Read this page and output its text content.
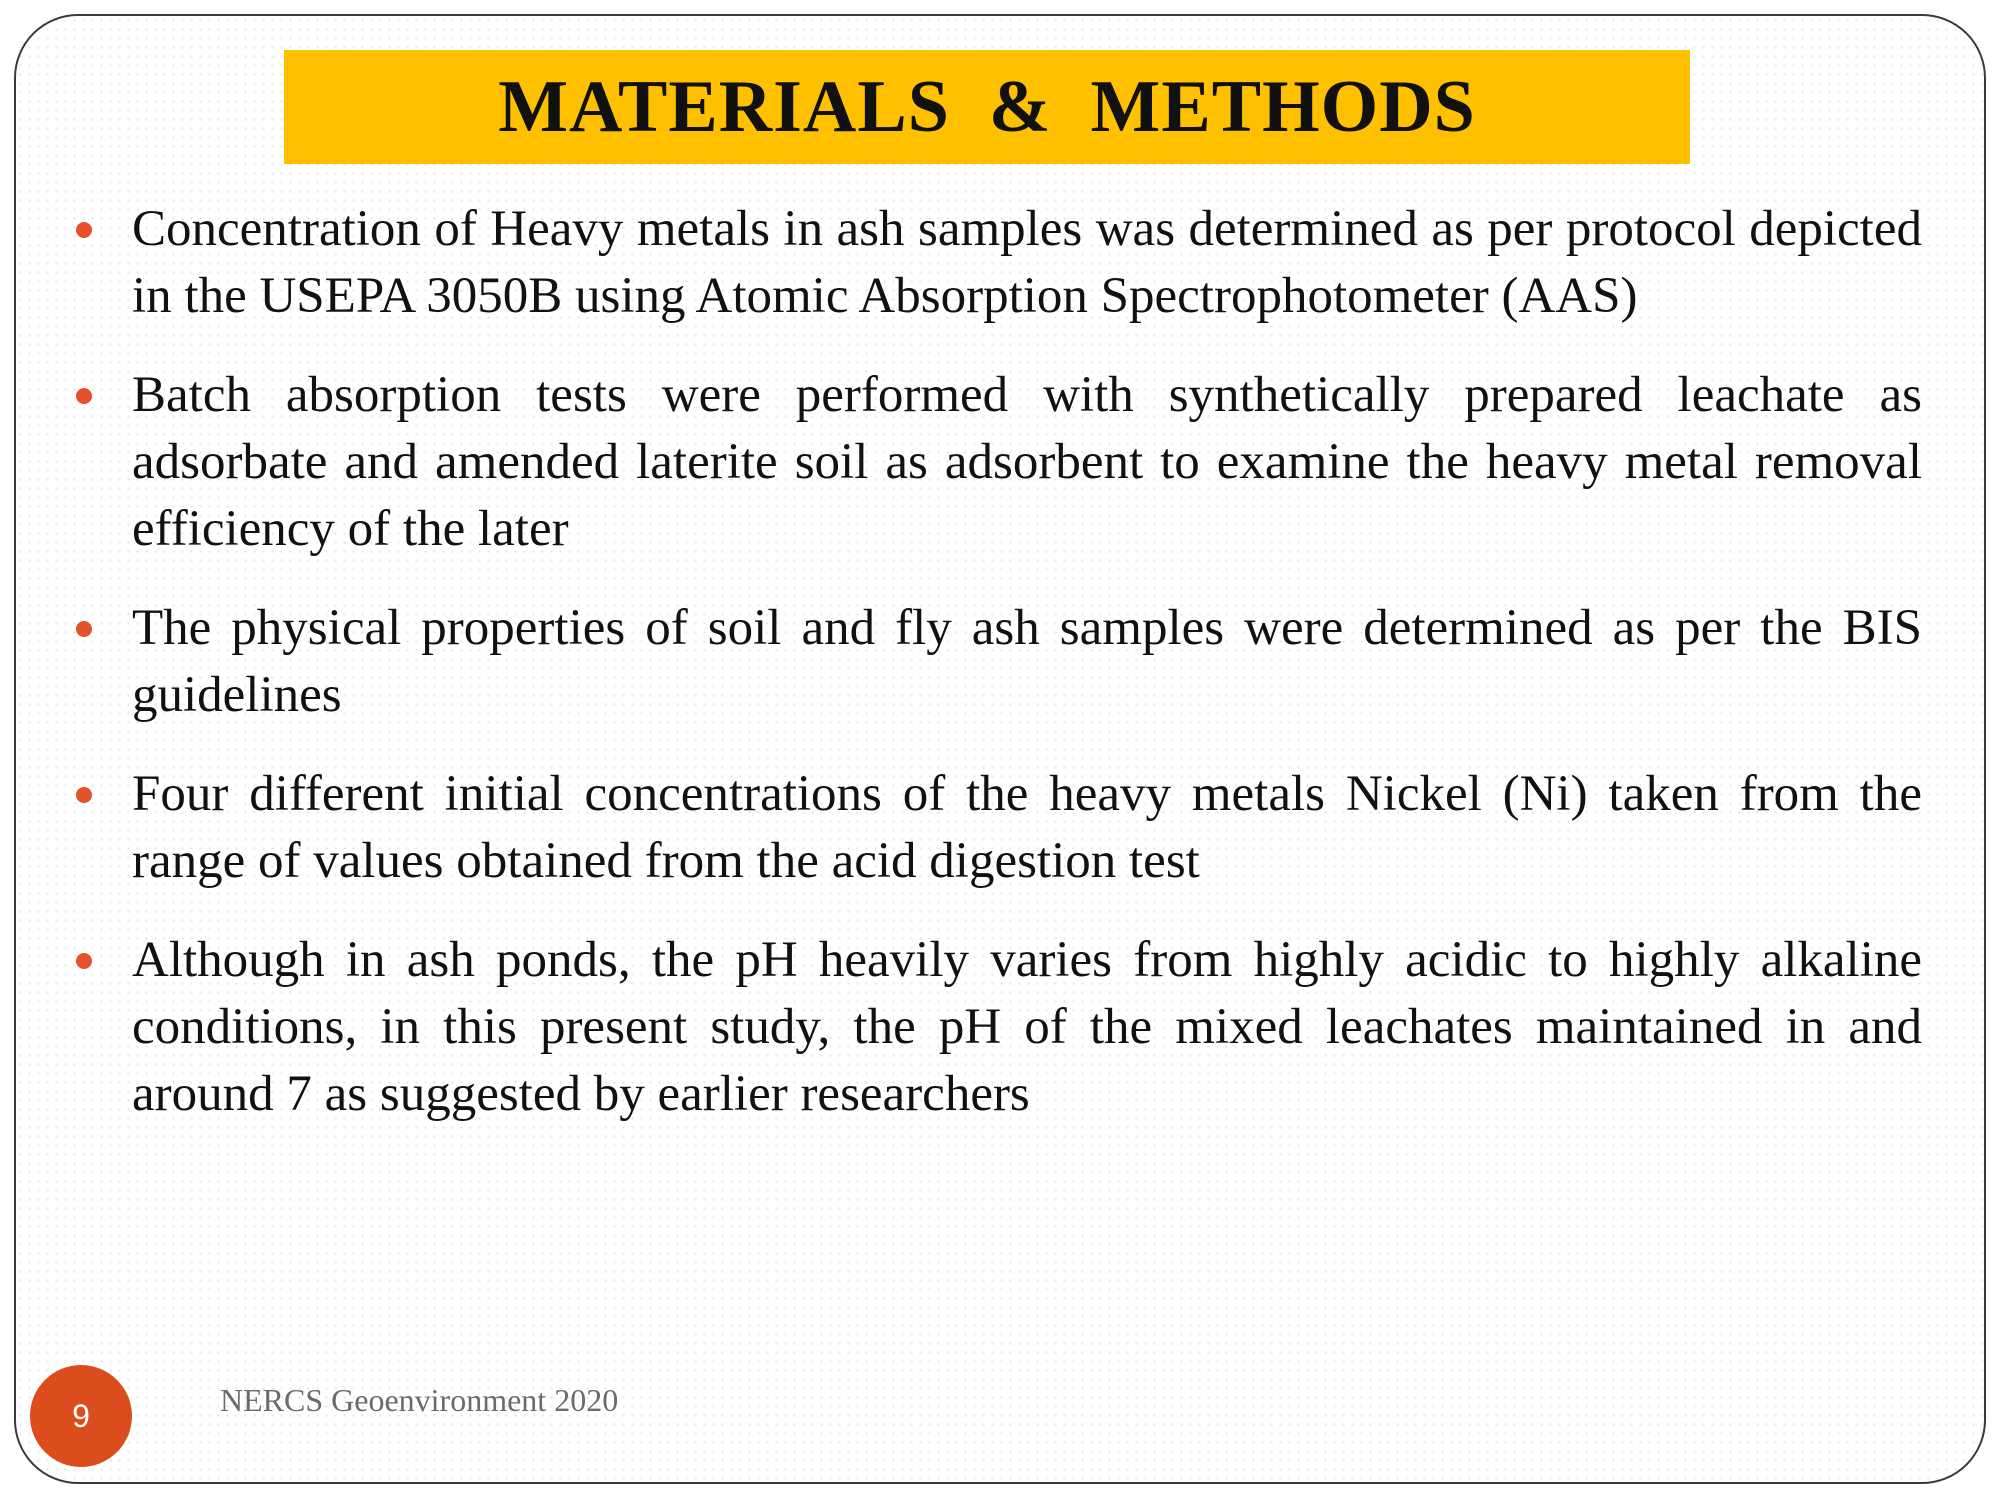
MATERIALS  &  METHODS
Concentration of Heavy metals in ash samples was determined as per protocol depicted in the USEPA 3050B using Atomic Absorption Spectrophotometer (AAS)
Batch absorption tests were performed with synthetically prepared leachate as adsorbate and amended laterite soil as adsorbent to examine the heavy metal removal efficiency of the later
The physical properties of soil and fly ash samples were determined as per the BIS guidelines
Four different initial concentrations of the heavy metals Nickel (Ni) taken from the range of values obtained from the acid digestion test
Although in ash ponds, the pH heavily varies from highly acidic to highly alkaline conditions, in this present study, the pH of the mixed leachates maintained in and around 7 as suggested by earlier researchers
9	NERCS Geoenvironment 2020
